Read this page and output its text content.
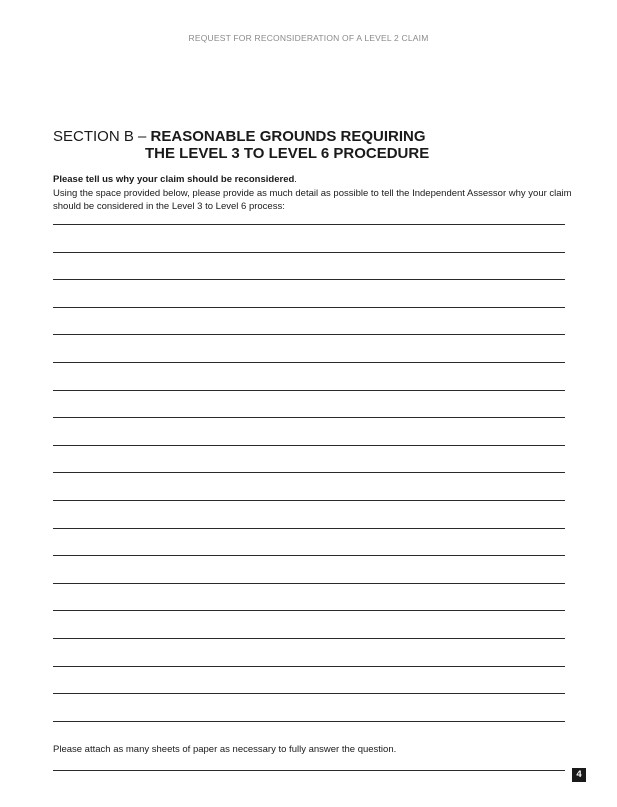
REQUEST FOR RECONSIDERATION OF A LEVEL 2 CLAIM
SECTION B – REASONABLE GROUNDS REQUIRING
THE LEVEL 3 TO LEVEL 6 PROCEDURE
Please tell us why your claim should be reconsidered.
Using the space provided below, please provide as much detail as possible to tell the Independent Assessor why your claim should be considered in the Level 3 to Level 6 process:
Please attach as many sheets of paper as necessary to fully answer the question.
4
